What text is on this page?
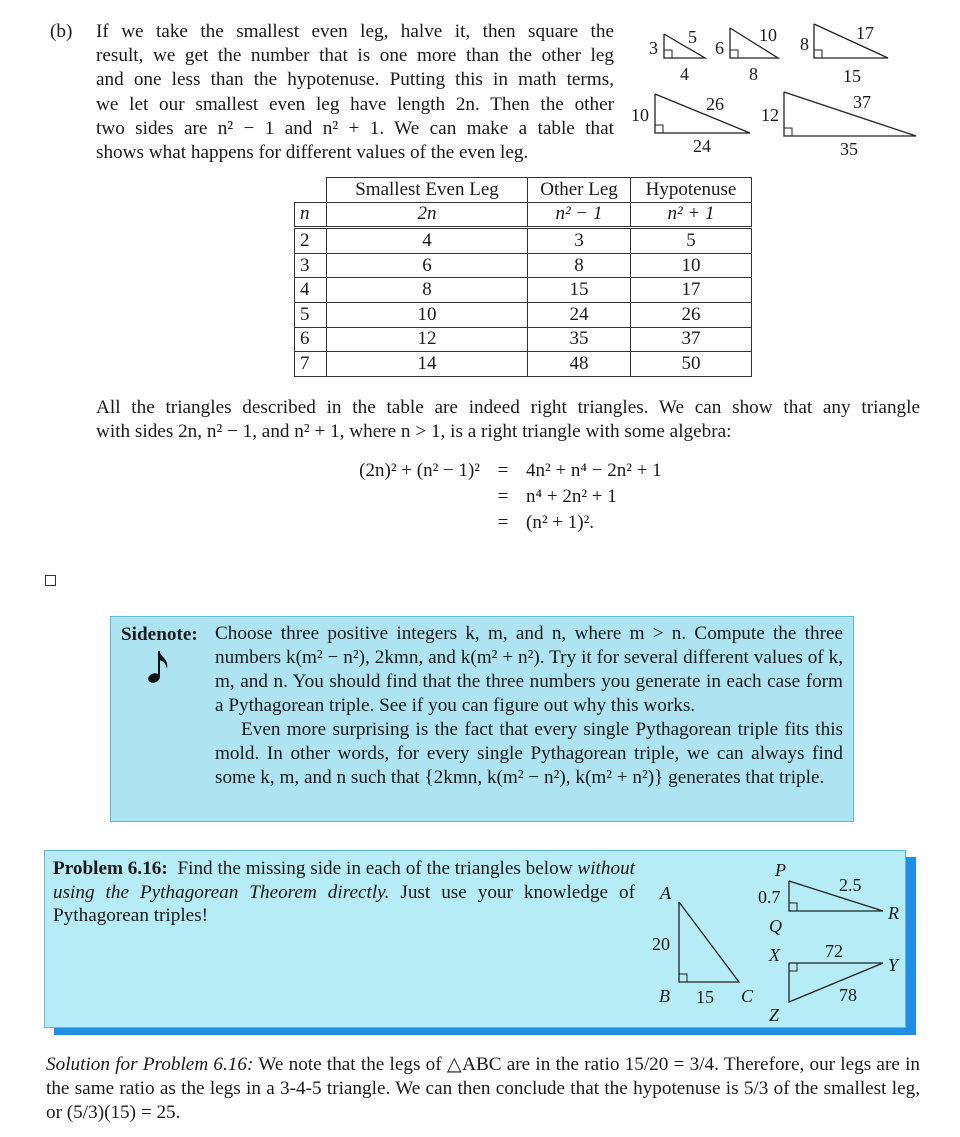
(b) If we take the smallest even leg, halve it, then square the

result, we get the number that is one more than the other leg

and one less than the hypotenuse. Putting this in math terms,

we let our smallest even leg have length 2n. Then the other

two sides are n² − 1 and n² + 1. We can make a table that

shows what happens for different values of the even leg.

3
5
4
6
10
8
8
17
15
10
26
24
12
37
35
	Smallest Even Leg	Other Leg	Hypotenuse
n	2n	n² − 1	n² + 1
2	4	3	5
3	6	8	10
4	8	15	17
5	10	24	26
6	12	35	37
7	14	48	50

All the triangles described in the table are indeed right triangles. We can show that any triangle

with sides 2n, n² − 1, and n² + 1, where n > 1, is a right triangle with some algebra:

(2n)² + (n² − 1)² = 4n² + n⁴ − 2n² + 1
= n⁴ + 2n² + 1
= (n² + 1)².
Sidenote: Choose three positive integers k, m, and n, where m > n. Compute the three numbers k(m² − n²), 2kmn, and k(m² + n²). Try it for several different values of k, m, and n. You should find that the three numbers you generate in each case form a Pythagorean triple. See if you can figure out why this works.

Even more surprising is the fact that every single Pythagorean triple fits this mold. In other words, for every single Pythagorean triple, we can always find some k, m, and n such that {2kmn, k(m² − n²), k(m² + n²)} generates that triple.

Problem 6.16: Find the missing side in each of the triangles below without using the Pythagorean Theorem directly. Just use your knowledge of Pythagorean triples!
A
B	C
20
15
P
Q
R
0.7
2.5
X	Y
Z
72
78

Solution for Problem 6.16: We note that the legs of △ABC are in the ratio 15/20 = 3/4. Therefore, our legs are in the same ratio as the legs in a 3-4-5 triangle. We can then conclude that the hypotenuse is 5/3 of the smallest leg, or (5/3)(15) = 25.
